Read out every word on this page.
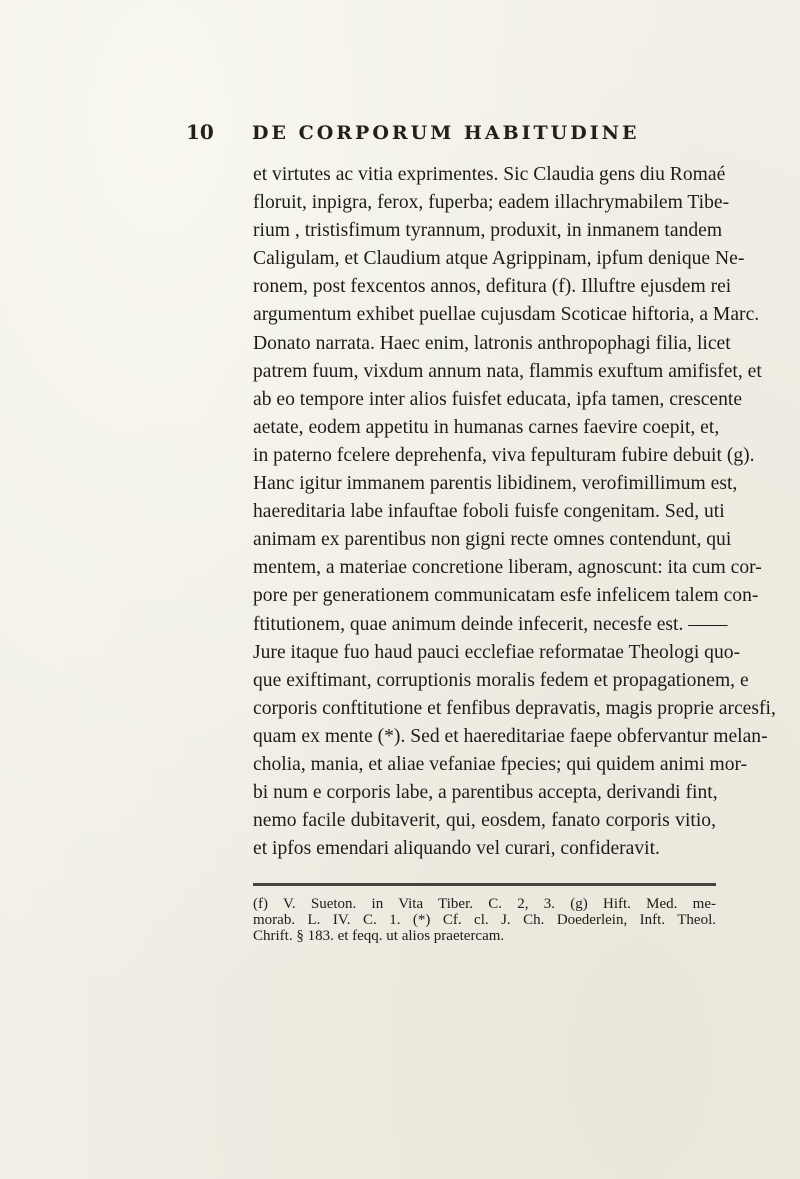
10 DE CORPORUM HABITUDINE
et virtutes ac vitia exprimentes. Sic Claudia gens diu Romaé
floruit, inpigra, ferox, fuperba; eadem illachrymabilem Tibe-
rium , tristisfimum tyrannum, produxit, in inmanem tandem
Caligulam, et Claudium atque Agrippinam, ipfum denique Ne-
ronem, post fexcentos annos, defitura (f). Illuftre ejusdem rei
argumentum exhibet puellae cujusdam Scoticae hiftoria, a Marc.
Donato narrata. Haec enim, latronis anthropophagi filia, licet
patrem fuum, vixdum annum nata, flammis exuftum amifisfet, et
ab eo tempore inter alios fuisfet educata, ipfa tamen, crescente
aetate, eodem appetitu in humanas carnes faevire coepit, et,
in paterno fcelere deprehenfa, viva fepulturam fubire debuit (g).
Hanc igitur immanem parentis libidinem, verofimillimum est,
haereditaria labe infauftae foboli fuisfe congenitam. Sed, uti
animam ex parentibus non gigni recte omnes contendunt, qui
mentem, a materiae concretione liberam, agnoscunt: ita cum cor-
pore per generationem communicatam esfe infelicem talem con-
ftitutionem, quae animum deinde infecerit, necesfe est. ——
Jure itaque fuo haud pauci ecclefiae reformatae Theologi quo-
que exiftimant, corruptionis moralis fedem et propagationem, e
corporis conftitutione et fenfibus depravatis, magis proprie arcesfi,
quam ex mente (*). Sed et haereditariae faepe obfervantur melan-
cholia, mania, et aliae vefaniae fpecies; qui quidem animi mor-
bi num e corporis labe, a parentibus accepta, derivandi fint,
nemo facile dubitaverit, qui, eosdem, fanato corporis vitio,
et ipfos emendari aliquando vel curari, confideravit.
(f) V. Sueton. in Vita Tiber. C. 2, 3. (g) Hift. Med. me-
morab. L. IV. C. 1. (*) Cf. cl. J. Ch. Doederlein, Inft. Theol.
Chrift. § 183. et feqq. ut alios praetercam.
